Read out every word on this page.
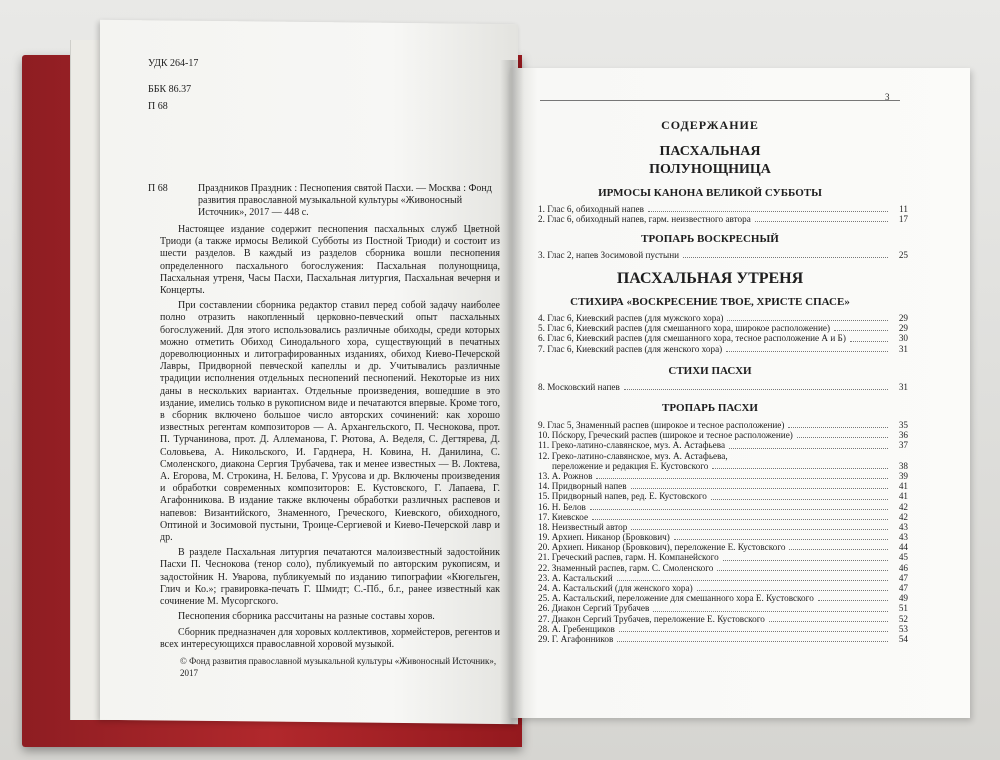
УДК 264-17
ББК 86.37
П 68
П 68	Праздников Праздник : Песнопения святой Пасхи. — Москва : Фонд развития православной музыкальной культуры «Живоносный Источник», 2017 — 448 с.

Настоящее издание содержит песнопения пасхальных служб Цветной Триоди (а также ирмосы Великой Субботы из Постной Триоди) и состоит из шести разделов. В каждый из разделов сборника вошли песнопения определенного пасхального богослужения: Пасхальная полунощница, Пасхальная утреня, Часы Пасхи, Пасхальная литургия, Пасхальная вечерня и Концерты.

При составлении сборника редактор ставил перед собой задачу наиболее полно отразить накопленный церковно-певческий опыт пасхальных богослужений. Для этого использовались различные обиходы, среди которых можно отметить Обиход Синодального хора, существующий в печатных дореволюционных и литографированных изданиях, обиход Киево-Печерской Лавры, Придворной певческой капеллы и др. Учитывались различные традиции исполнения отдельных песнопений песнопений. Некоторые из них даны в нескольких вариантах. Отдельные произведения, вошедшие в это издание, имелись только в рукописном виде и печатаются впервые. Кроме того, в сборник включено большое число авторских сочинений: как хорошо известных регентам композиторов — А. Архангельского, П. Чеснокова, прот. П. Турчанинова, прот. Д. Аллеманова, Г. Рютова, А. Веделя, С. Дегтярева, Д. Соловьева, А. Никольского, И. Гарднера, Н. Ковина, Н. Данилина, С. Смоленского, диакона Сергия Трубачева, так и менее известных — В. Локтева, А. Егорова, М. Строкина, Н. Белова, Г. Урусова и др. Включены произведения и обработки современных композиторов: Е. Кустовского, Г. Лапаева, Г. Агафонникова. В издание также включены обработки различных распевов и напевов: Византийского, Знаменного, Греческого, Киевского, обиходного, Оптиной и Зосимовой пустыни, Троице-Сергиевой и Киево-Печерской лавр и др.

В разделе Пасхальная литургия печатаются малоизвестный задостойник Пасхи П. Чеснокова (тенор соло), публикуемый по авторским рукописям, и задостойник Н. Уварова, публикуемый по изданию типографии «Кюгельген, Глич и Ко.»; гравировка-печать Г. Шмидт; С.-Пб., б.г., ранее известный как сочинение М. Мусоргского.

Песнопения сборника рассчитаны на разные составы хоров.

Сборник предназначен для хоровых коллективов, хормейстеров, регентов и всех интересующихся православной хоровой музыкой.

© Фонд развития православной музыкальной культуры «Живоносный Источник», 2017
3
СОДЕРЖАНИЕ
ПАСХАЛЬНАЯ ПОЛУНОЩНИЦА
ИРМОСЫ КАНОНА ВЕЛИКОЙ СУББОТЫ
1. Глас 6, обиходный напев	11
2. Глас 6, обиходный напев, гарм. неизвестного автора	17
ТРОПАРЬ ВОСКРЕСНЫЙ
3. Глас 2, напев Зосимовой пустыни	25
ПАСХАЛЬНАЯ УТРЕНЯ
СТИХИРА «ВОСКРЕСЕНИЕ ТВОЕ, ХРИСТЕ СПАСЕ»
4. Глас 6, Киевский распев (для мужского хора)	29
5. Глас 6, Киевский распев (для смешанного хора, широкое расположение)	29
6. Глас 6, Киевский распев (для смешанного хора, тесное расположение А и Б)	30
7. Глас 6, Киевский распев (для женского хора)	31
СТИХИ ПАСХИ
8. Московский напев	31
ТРОПАРЬ ПАСХИ
9. Глас 5, Знаменный распев (широкое и тесное расположение)	35
10. Пóскору, Греческий распев (широкое и тесное расположение)	36
11. Греко-латино-славянское, муз. А. Астафьева	37
12. Греко-латино-славянское, муз. А. Астафьева,
переложение и редакция Е. Кустовского	38
13. А. Рожнов	39
14. Придворный напев	41
15. Придворный напев, ред. Е. Кустовского	41
16. Н. Белов	42
17. Киевское	42
18. Неизвестный автор	43
19. Архиеп. Никанор (Бровкович)	43
20. Архиеп. Никанор (Бровкович), переложение Е. Кустовского	44
21. Греческий распев, гарм. Н. Компанейского	45
22. Знаменный распев, гарм. С. Смоленского	46
23. А. Кастальский	47
24. А. Кастальский (для женского хора)	47
25. А. Кастальский, переложение для смешанного хора Е. Кустовского	49
26. Диакон Сергий Трубачев	51
27. Диакон Сергий Трубачев, переложение Е. Кустовского	52
28. А. Гребенщиков	53
29. Г. Агафонников	54
